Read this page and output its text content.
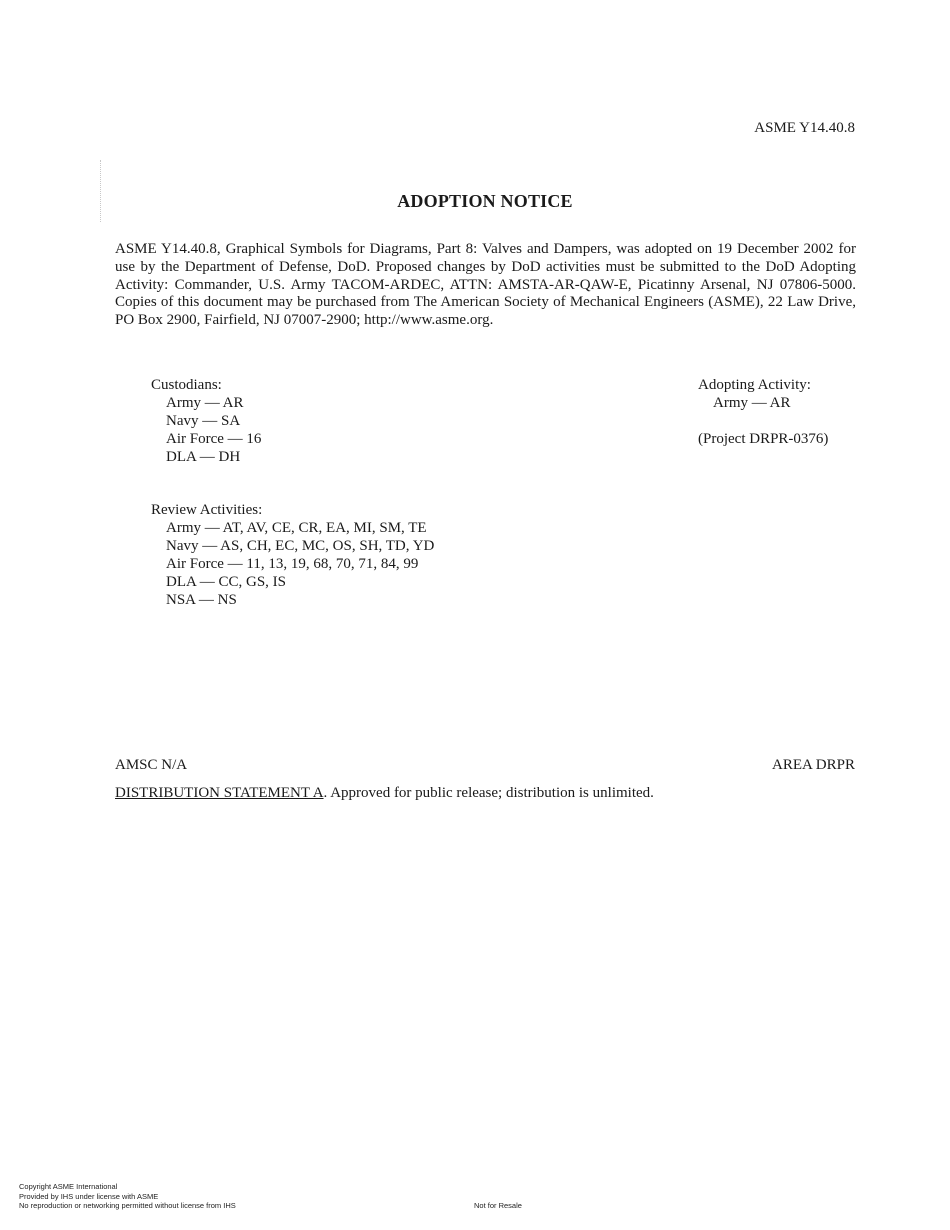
ASME Y14.40.8
ADOPTION NOTICE
ASME Y14.40.8, Graphical Symbols for Diagrams, Part 8: Valves and Dampers, was adopted on 19 December 2002 for use by the Department of Defense, DoD. Proposed changes by DoD activities must be submitted to the DoD Adopting Activity: Commander, U.S. Army TACOM-ARDEC, ATTN: AMSTA-AR-QAW-E, Picatinny Arsenal, NJ 07806-5000. Copies of this document may be purchased from The American Society of Mechanical Engineers (ASME), 22 Law Drive, PO Box 2900, Fairfield, NJ 07007-2900; http://www.asme.org.
Custodians:
Army — AR
Navy — SA
Air Force — 16
DLA — DH
Adopting Activity:
Army — AR
(Project DRPR-0376)
Review Activities:
Army — AT, AV, CE, CR, EA, MI, SM, TE
Navy — AS, CH, EC, MC, OS, SH, TD, YD
Air Force — 11, 13, 19, 68, 70, 71, 84, 99
DLA — CC, GS, IS
NSA — NS
AMSC N/A	AREA DRPR
DISTRIBUTION STATEMENT A. Approved for public release; distribution is unlimited.
Copyright ASME International
Provided by IHS under license with ASME
No reproduction or networking permitted without license from IHS	Not for Resale
